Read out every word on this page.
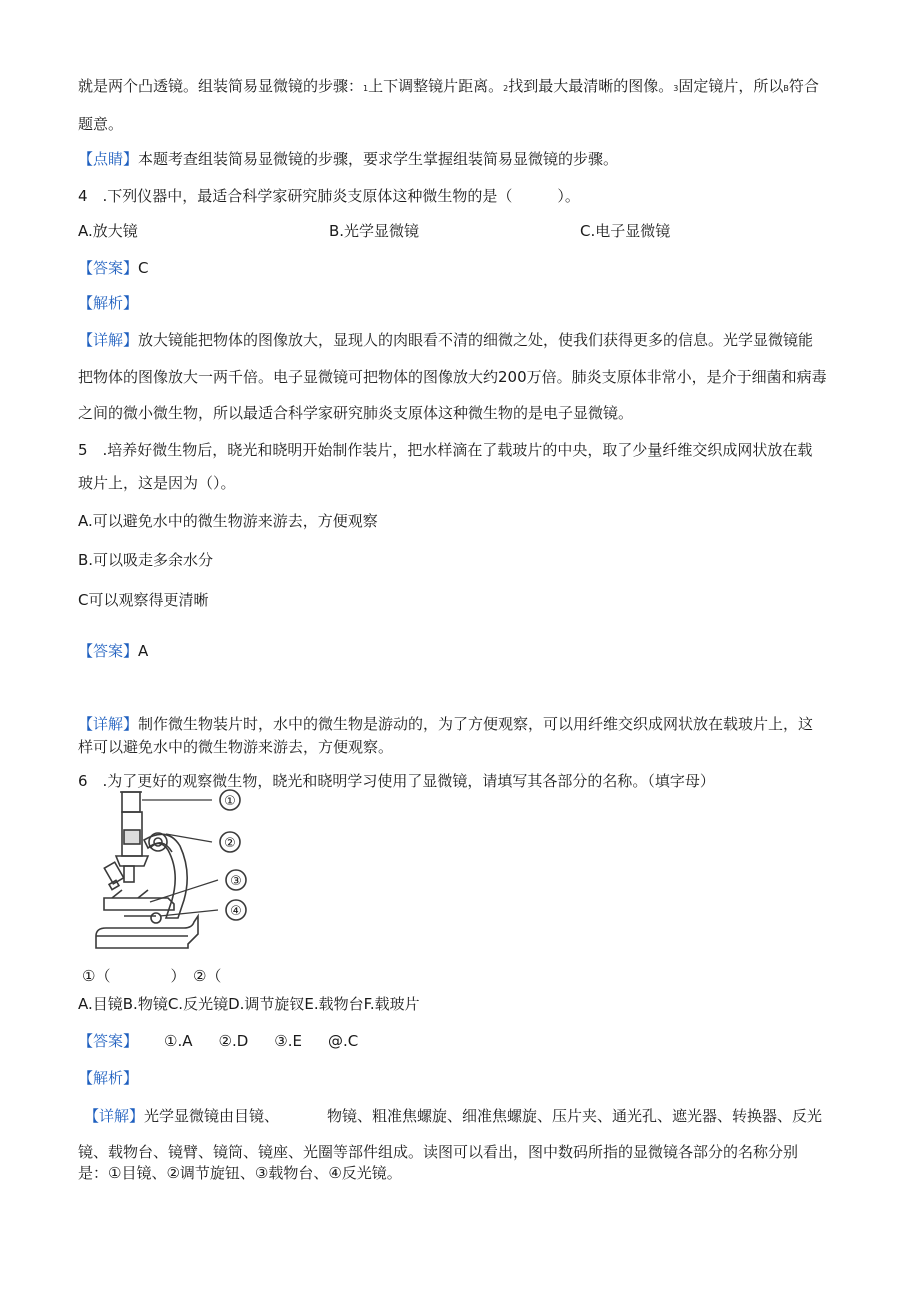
就是两个凸透镜。组装简易显微镜的步骤：1上下调整镜片距离。2找到最大最清晰的图像。3固定镜片，所以B符合
题意。
【点睛】本题考查组装简易显微镜的步骤，要求学生掌握组装简易显微镜的步骤。
4　.下列仪器中，最适合科学家研究肺炎支原体这种微生物的是（　　　）。
A.放大镜	B.光学显微镜	C.电子显微镜
【答案】C
【解析】
【详解】放大镜能把物体的图像放大，显现人的肉眼看不清的细微之处，使我们获得更多的信息。光学显微镜能
把物体的图像放大一两千倍。电子显微镜可把物体的图像放大约200万倍。肺炎支原体非常小，是介于细菌和病毒
之间的微小微生物，所以最适合科学家研究肺炎支原体这种微生物的是电子显微镜。
5　.培养好微生物后，晓光和晓明开始制作装片，把水样滴在了载玻片的中央，取了少量纤维交织成网状放在载
玻片上，这是因为（）。
A.可以避免水中的微生物游来游去，方便观察
B.可以吸走多余水分
C可以观察得更清晰
【答案】A
【详解】制作微生物装片时，水中的微生物是游动的，为了方便观察，可以用纤维交织成网状放在载玻片上，这
样可以避免水中的微生物游来游去，方便观察。
6　.为了更好的观察微生物，晓光和晓明学习使用了显微镜，请填写其各部分的名称。（填字母）
①
②
③
④
①（　　　　）　②（
A.目镜B.物镜C.反光镜D.调节旋钗E.载物台F.载玻片
【答案】 ①.A ②.D ③.E @.C
【解析】
【详解】光学显微镜由目镜、	物镜、粗准焦螺旋、细准焦螺旋、压片夹、通光孔、遮光器、转换器、反光
镜、载物台、镜臂、镜筒、镜座、光圈等部件组成。读图可以看出，图中数码所指的显微镜各部分的名称分别
是：①目镜、②调节旋钮、③载物台、④反光镜。
